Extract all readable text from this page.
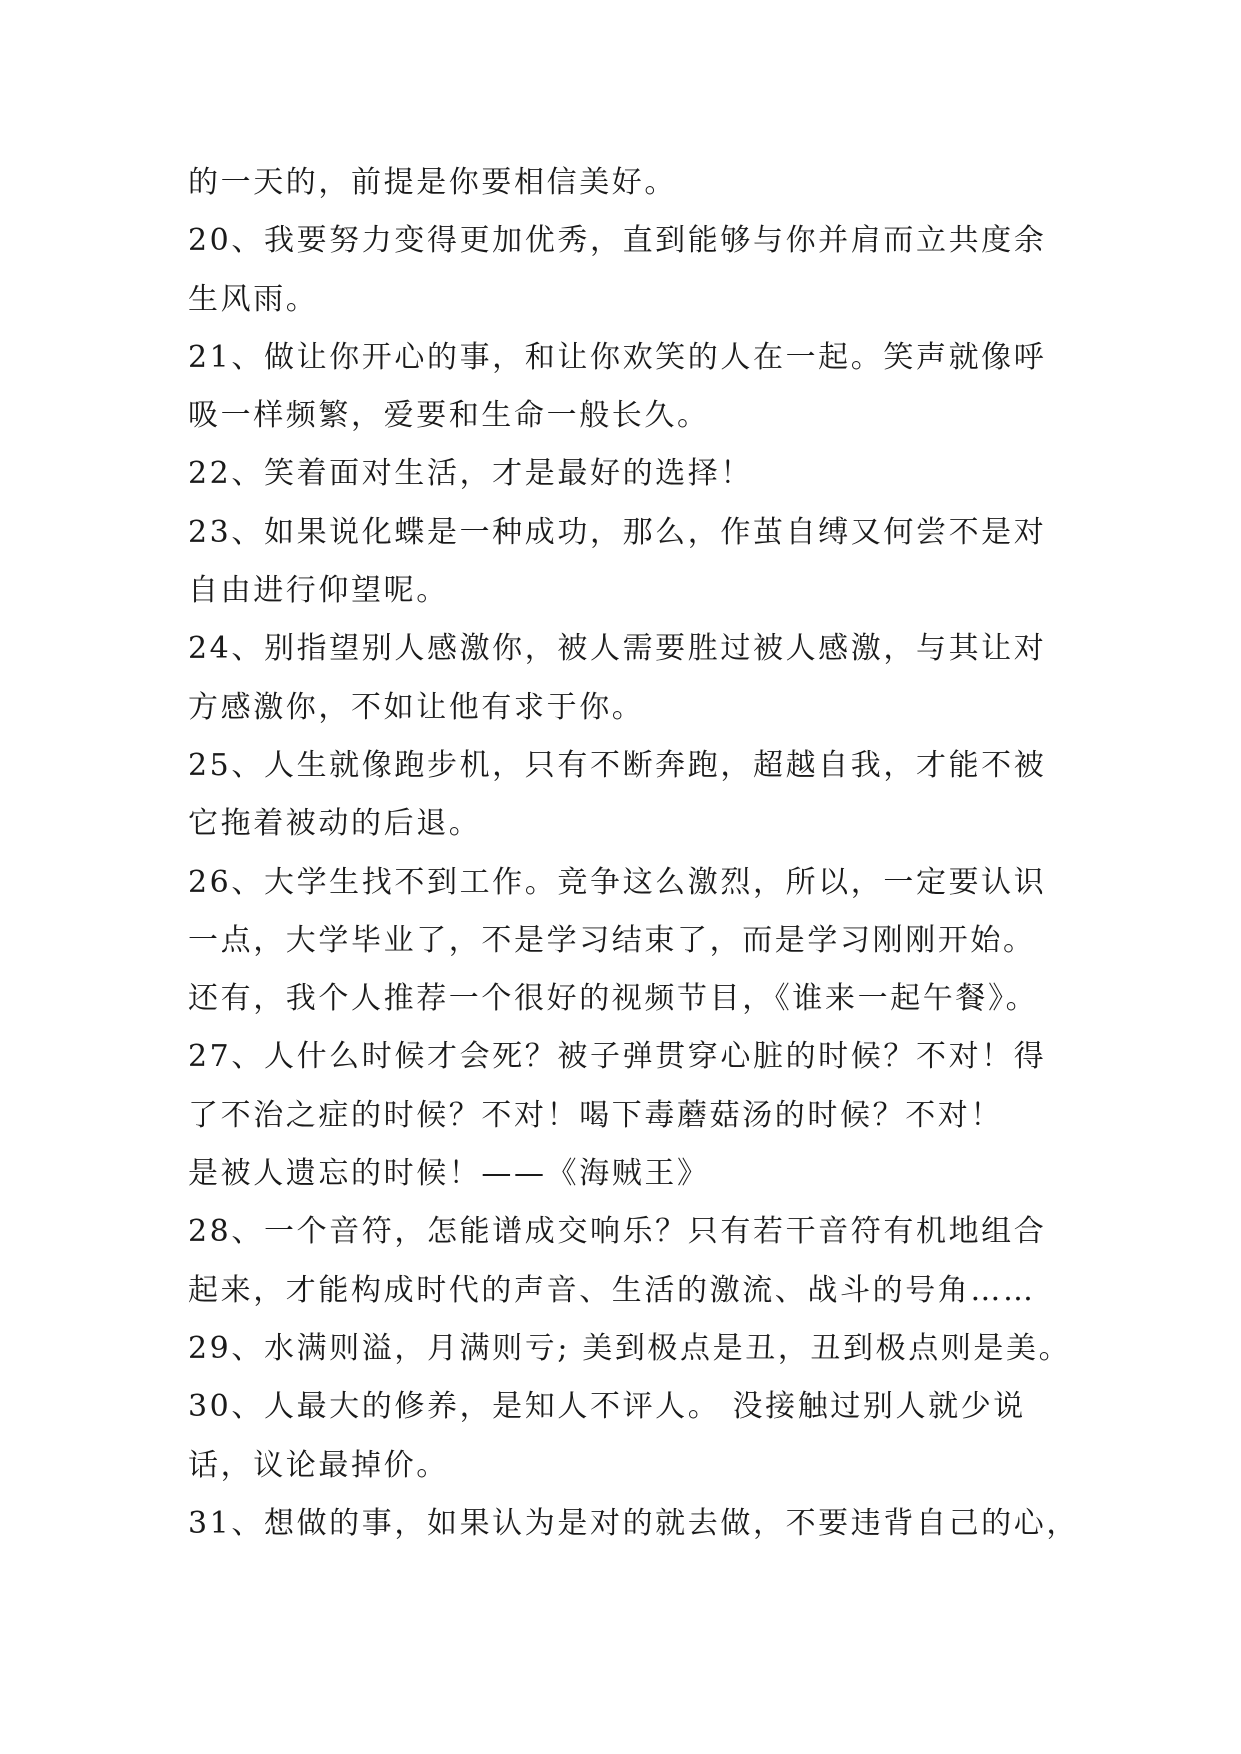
的一天的，前提是你要相信美好。
20、我要努力变得更加优秀，直到能够与你并肩而立共度余
生风雨。
21、做让你开心的事，和让你欢笑的人在一起。笑声就像呼
吸一样频繁，爱要和生命一般长久。
22、笑着面对生活，才是最好的选择！
23、如果说化蝶是一种成功，那么，作茧自缚又何尝不是对
自由进行仰望呢。
24、别指望别人感激你，被人需要胜过被人感激，与其让对
方感激你，不如让他有求于你。
25、人生就像跑步机，只有不断奔跑，超越自我，才能不被
它拖着被动的后退。
26、大学生找不到工作。竞争这么激烈，所以，一定要认识
一点，大学毕业了，不是学习结束了，而是学习刚刚开始。
还有，我个人推荐一个很好的视频节目，《谁来一起午餐》。
27、人什么时候才会死？被子弹贯穿心脏的时候？不对！得
了不治之症的时候？不对！喝下毒蘑菇汤的时候？不对！
是被人遗忘的时候！——《海贼王》
28、一个音符，怎能谱成交响乐？只有若干音符有机地组合
起来，才能构成时代的声音、生活的激流、战斗的号角……
29、水满则溢，月满则亏; 美到极点是丑，丑到极点则是美。
30、人最大的修养，是知人不评人。 没接触过别人就少说
话，议论最掉价。
31、想做的事，如果认为是对的就去做，不要违背自己的心，
